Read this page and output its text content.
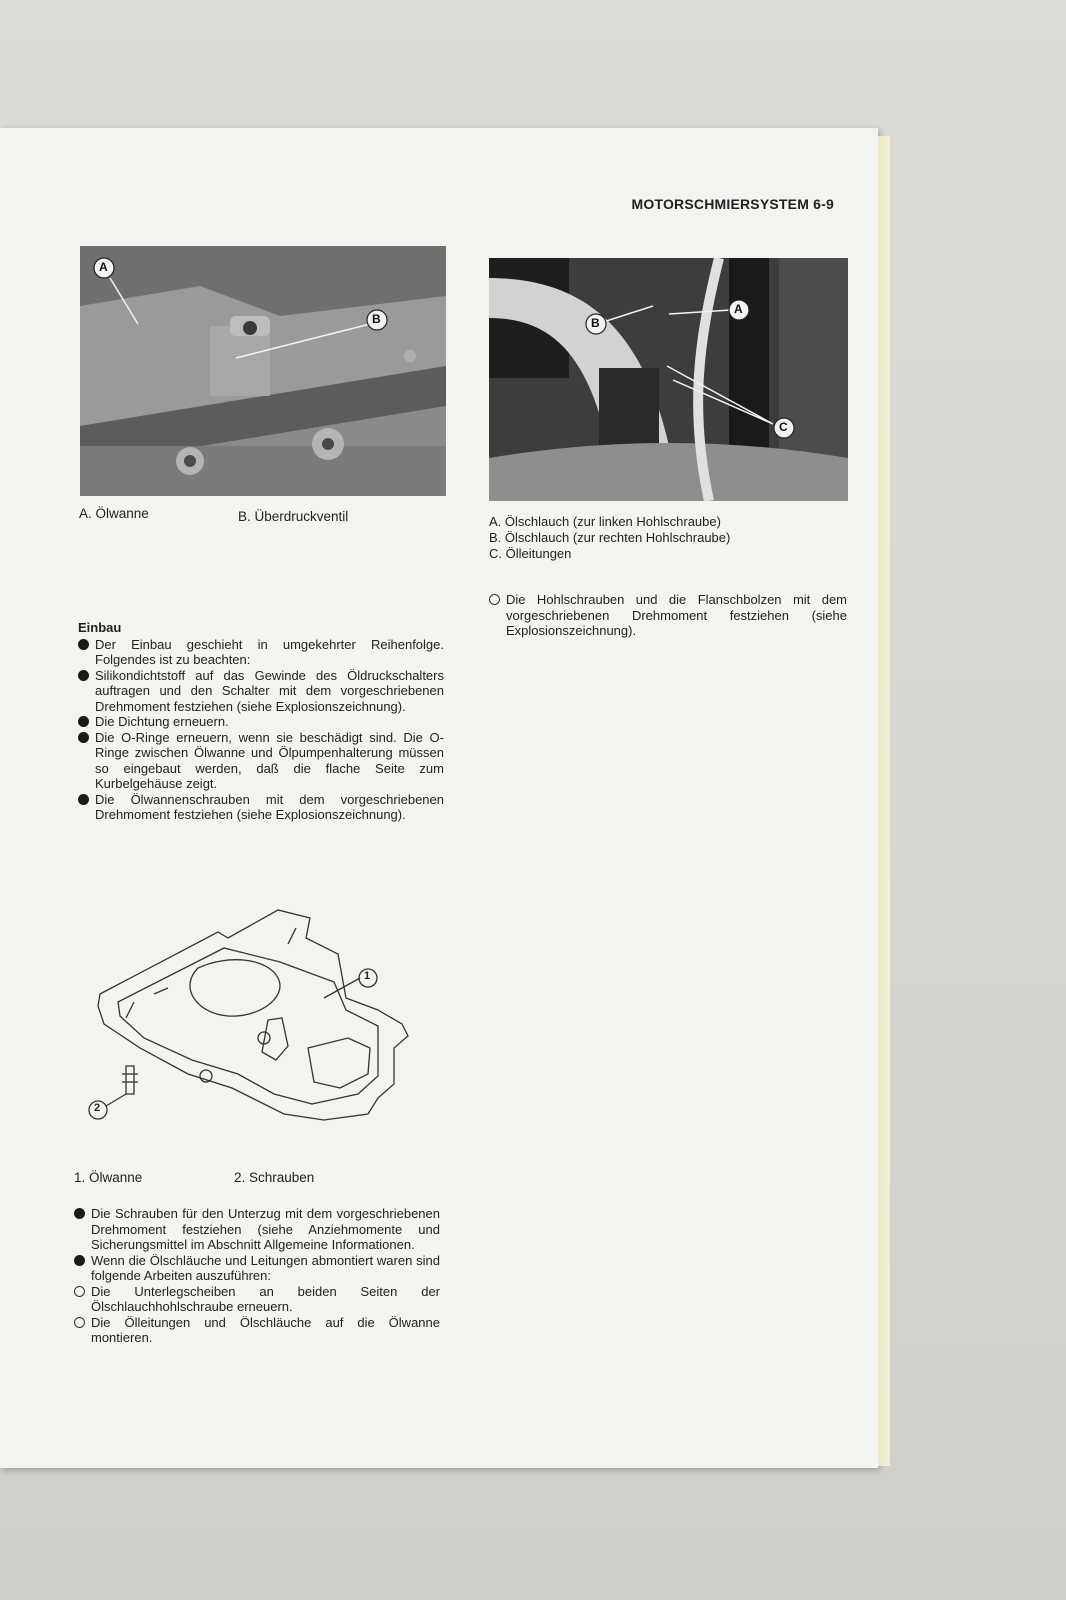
MOTORSCHMIERSYSTEM 6-9
A
B
A. Ölwanne	B. Überdruckventil
A
B
C
A. Ölschlauch (zur linken Hohlschraube)
B. Ölschlauch (zur rechten Hohlschraube)
C. Ölleitungen
Die Hohlschrauben und die Flanschbolzen mit dem vorgeschriebenen Drehmoment festziehen (siehe Explosionszeichnung).
Einbau
Der Einbau geschieht in umgekehrter Reihenfolge. Folgendes ist zu beachten:
Silikondichtstoff auf das Gewinde des Öldruckschalters auftragen und den Schalter mit dem vorgeschriebenen Drehmoment festziehen (siehe Explosionszeichnung).
Die Dichtung erneuern.
Die O-Ringe erneuern, wenn sie beschädigt sind. Die O-Ringe zwischen Ölwanne und Ölpumpenhalterung müssen so eingebaut werden, daß die flache Seite zum Kurbelgehäuse zeigt.
Die Ölwannenschrauben mit dem vorgeschriebenen Drehmoment festziehen (siehe Explosionszeichnung).
1
2
1. Ölwanne	2. Schrauben
Die Schrauben für den Unterzug mit dem vorgeschriebenen Drehmoment festziehen (siehe Anziehmomente und Sicherungsmittel im Abschnitt Allgemeine Informationen.
Wenn die Ölschläuche und Leitungen abmontiert waren sind folgende Arbeiten auszuführen:
Die Unterlegscheiben an beiden Seiten der Ölschlauchhohlschraube erneuern.
Die Ölleitungen und Ölschläuche auf die Ölwanne montieren.
